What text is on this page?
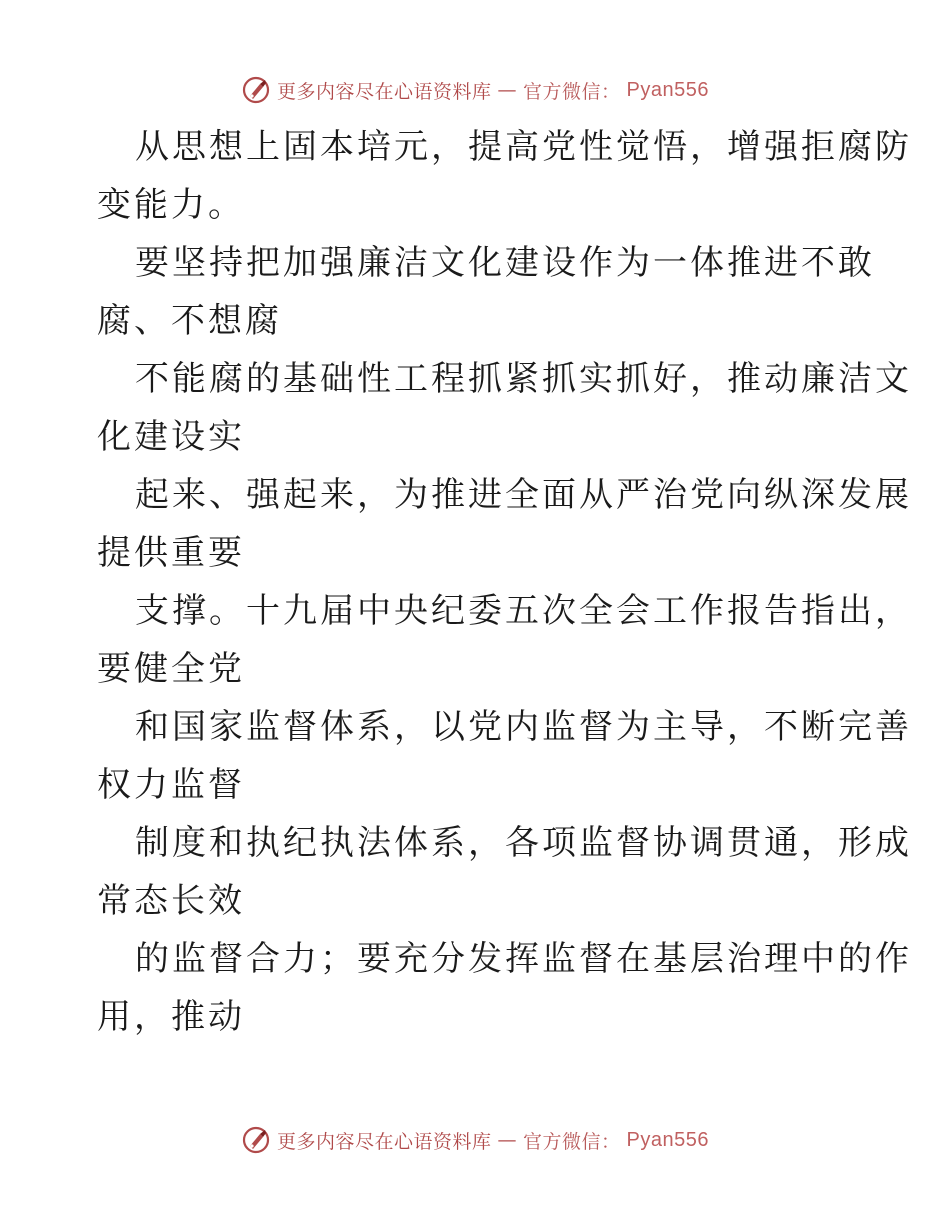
更多内容尽在心语资料库 — 官方微信： Pyan556
从思想上固本培元，提高党性觉悟，增强拒腐防
变能力。
要坚持把加强廉洁文化建设作为一体推进不敢
腐、不想腐
不能腐的基础性工程抓紧抓实抓好，推动廉洁文
化建设实
起来、强起来，为推进全面从严治党向纵深发展
提供重要
支撑。十九届中央纪委五次全会工作报告指出，
要健全党
和国家监督体系，以党内监督为主导，不断完善
权力监督
制度和执纪执法体系，各项监督协调贯通，形成
常态长效
的监督合力；要充分发挥监督在基层治理中的作
用，推动
更多内容尽在心语资料库 — 官方微信： Pyan556
